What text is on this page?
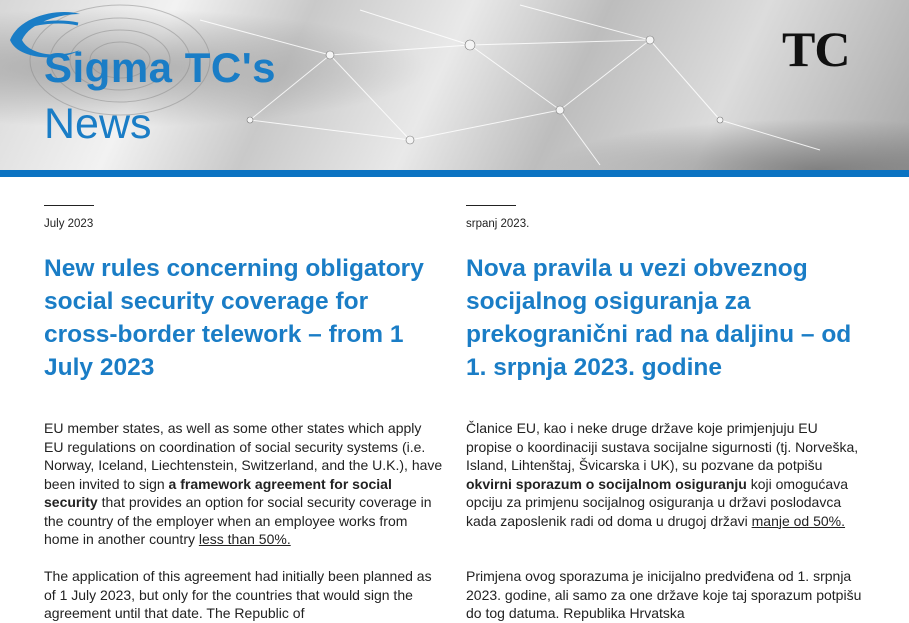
Sigma TC's
News
TC
July 2023
New rules concerning obligatory social security coverage for cross-border telework – from 1 July 2023

EU member states, as well as some other states which apply EU regulations on coordination of social security systems (i.e. Norway, Iceland, Liechtenstein, Switzerland, and the U.K.), have been invited to sign a framework agreement for social security that provides an option for social security coverage in the country of the employer when an employee works from home in another country less than 50%.

The application of this agreement had initially been planned as of 1 July 2023, but only for the countries that would sign the agreement until that date. The Republic of

srpanj 2023.
Nova pravila u vezi obveznog socijalnog osiguranja za prekogranični rad na daljinu – od 1. srpnja 2023. godine

Članice EU, kao i neke druge države koje primjenjuju EU propise o koordinaciji sustava socijalne sigurnosti (tj. Norveška, Island, Lihtenštaj, Švicarska i UK), su pozvane da potpišu okvirni sporazum o socijalnom osiguranju koji omogućava opciju za primjenu socijalnog osiguranja u državi poslodavca kada zaposlenik radi od doma u drugoj državi manje od 50%.

Primjena ovog sporazuma je inicijalno predviđena od 1. srpnja 2023. godine, ali samo za one države koje taj sporazum potpišu do tog datuma. Republika Hrvatska
